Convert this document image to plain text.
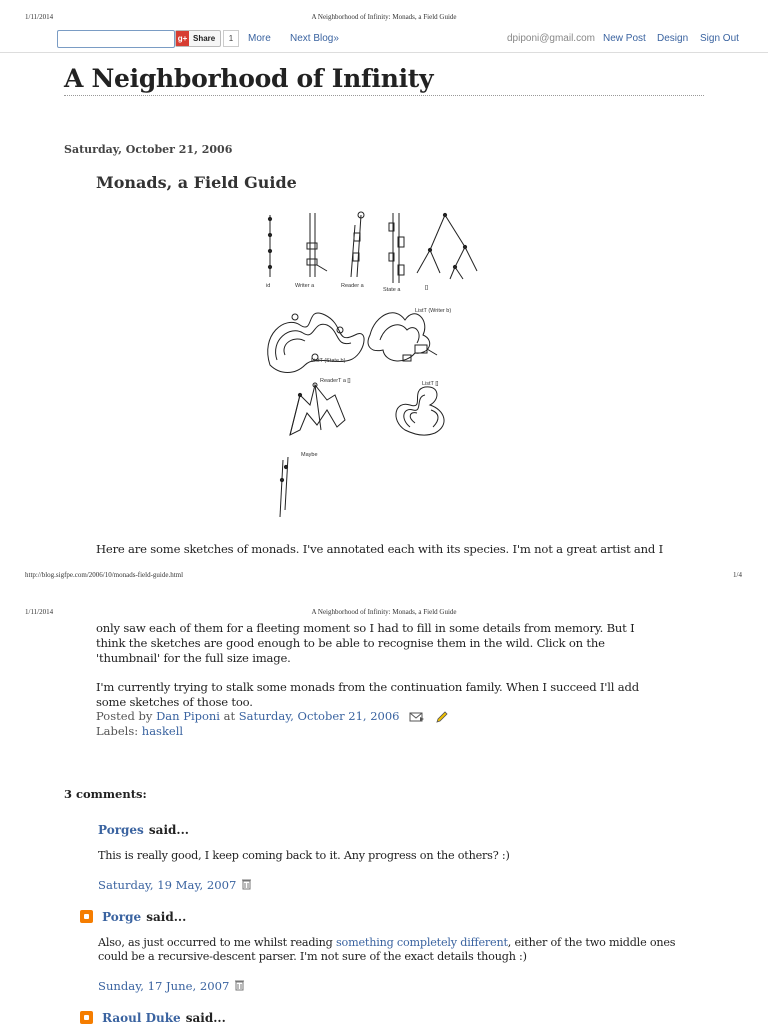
1/11/2014	A Neighborhood of Infinity: Monads, a Field Guide
g+ Share	1	More Next Blog»	dpiponi@gmail.com New Post Design Sign Out
A Neighborhood of Infinity
Saturday, October 21, 2006
Monads, a Field Guide
id	Writer a	Reader a
State a	[]
ListT (Writer b)
ListT (State b)
ReaderT a []	ListT []
Maybe
Here are some sketches of monads. I've annotated each with its species. I'm not a great artist and I
http://blog.sigfpe.com/2006/10/monads-field-guide.html	1/4
1/11/2014	A Neighborhood of Infinity: Monads, a Field Guide
only saw each of them for a fleeting moment so I had to fill in some details from memory. But I
think the sketches are good enough to be able to recognise them in the wild. Click on the
'thumbnail' for the full size image.
I'm currently trying to stalk some monads from the continuation family. When I succeed I'll add
some sketches of those too.
Posted by Dan Piponi at Saturday, October 21, 2006
Labels: haskell
3 comments:
Porges said...
This is really good, I keep coming back to it. Any progress on the others? :)
Saturday, 19 May, 2007
Porge said...
Also, as just occurred to me whilst reading something completely different, either of the two middle ones
could be a recursive-descent parser. I'm not sure of the exact details though :)
Sunday, 17 June, 2007
Raoul Duke said...
